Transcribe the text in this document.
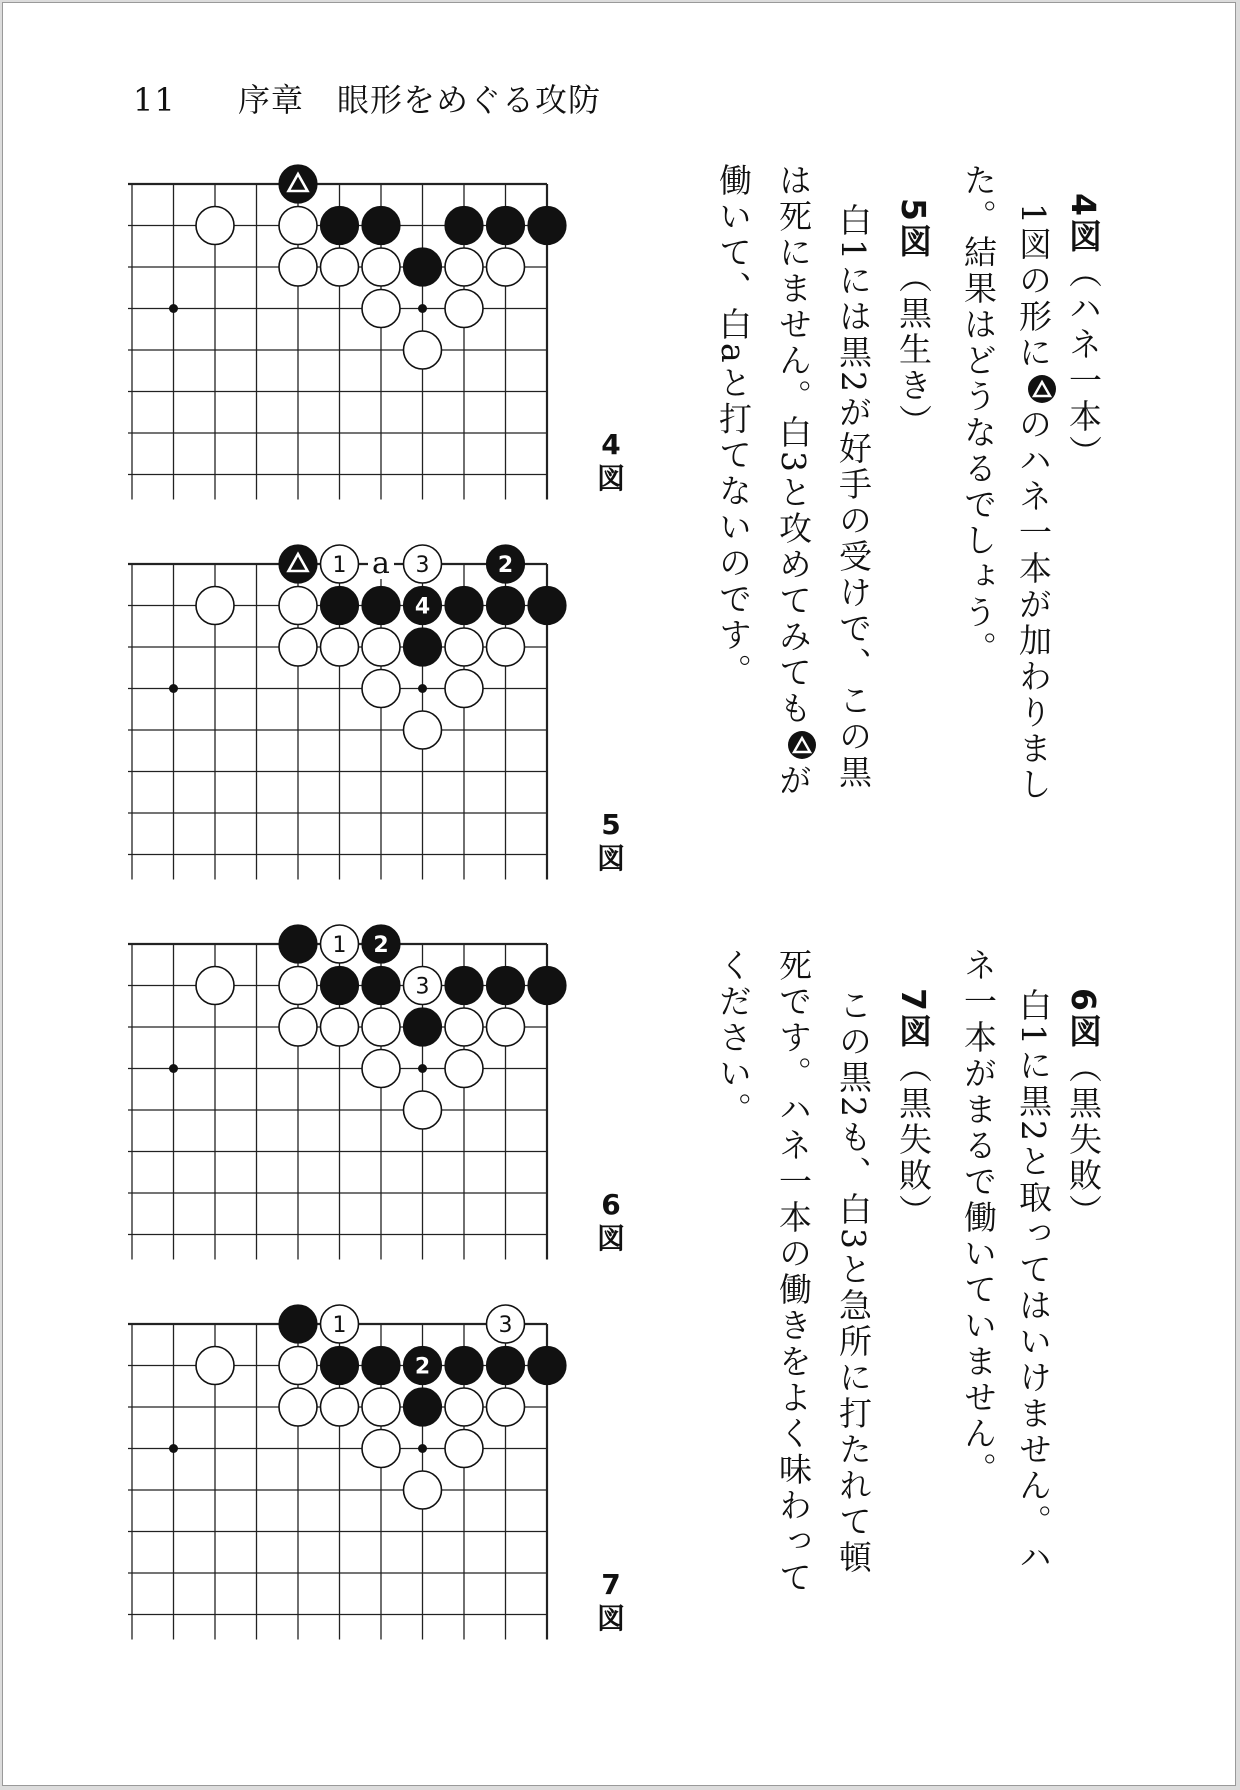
11 序章　眼形をめぐる攻防
4
図
1	3	2
4
a
5
図
1 2
3
6
図
1	3
2
7
図
4図（ハネ一本）
1図の形に
のハネ一本が加わりまし
た。結果はどうなるでしょう。
5図（黒生き）
白1には黒2が好手の受けで、この黒
は死にません。白3と攻めてみても
が
働いて、白aと打てないのです。
6図（黒失敗）
白1に黒2と取ってはいけません。ハ
ネ一本がまるで働いていません。
7図（黒失敗）
この黒2も、白3と急所に打たれて頓
死です。ハネ一本の働きをよく味わって
ください。
